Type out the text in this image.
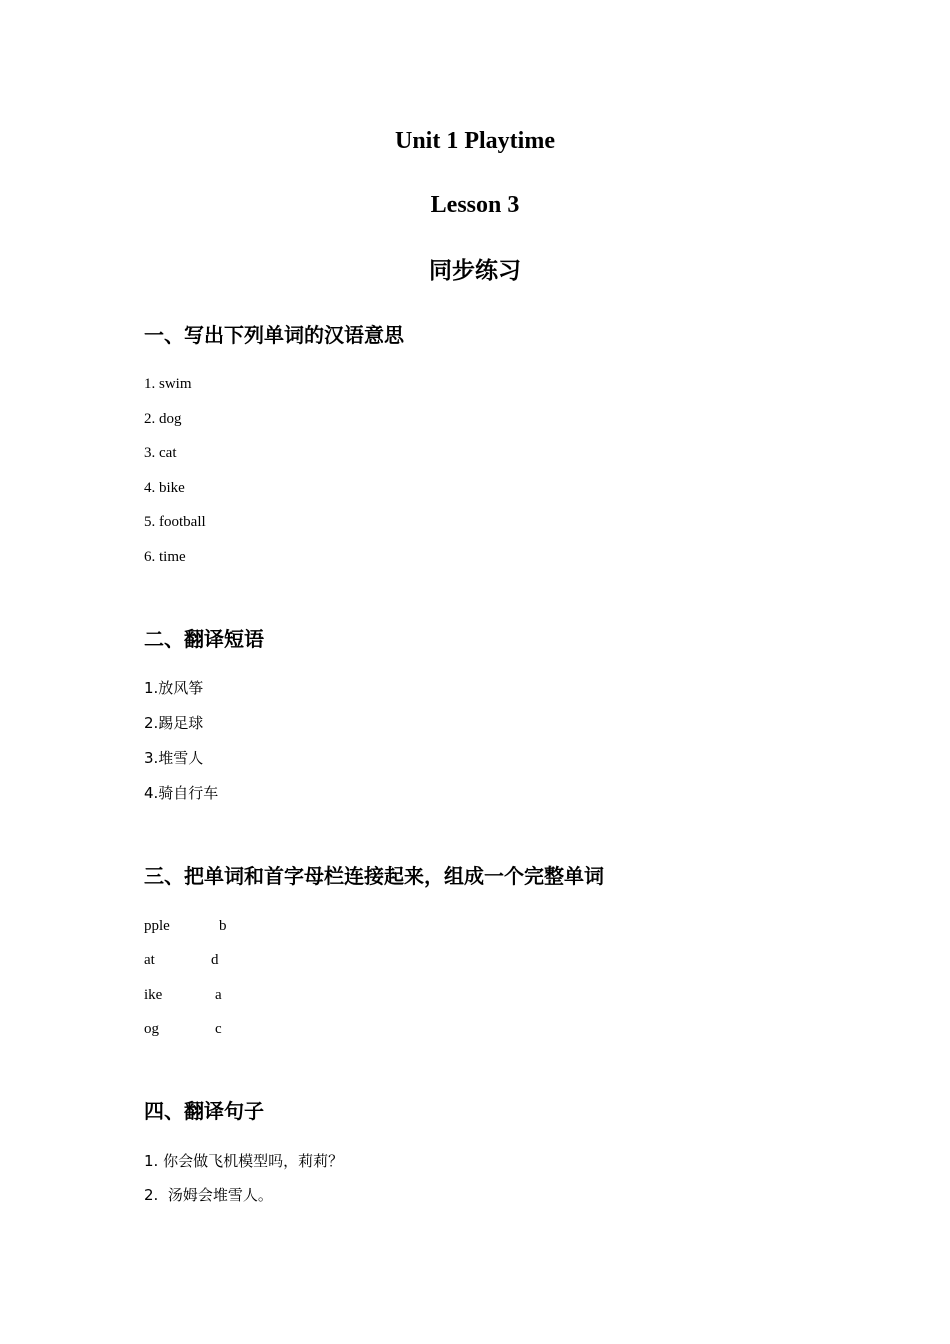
Unit 1 Playtime
Lesson 3
同步练习
一、写出下列单词的汉语意思
1. swim
2. dog
3. cat
4. bike
5. football
6. time
二、翻译短语
1.放风筝
2.踢足球
3.堆雪人
4.骑自行车
三、把单词和首字母栏连接起来，组成一个完整单词
pple	b
at	d
ike	a
og	c
四、翻译句子
1. 你会做飞机模型吗，莉莉？
2.  汤姆会堆雪人。
